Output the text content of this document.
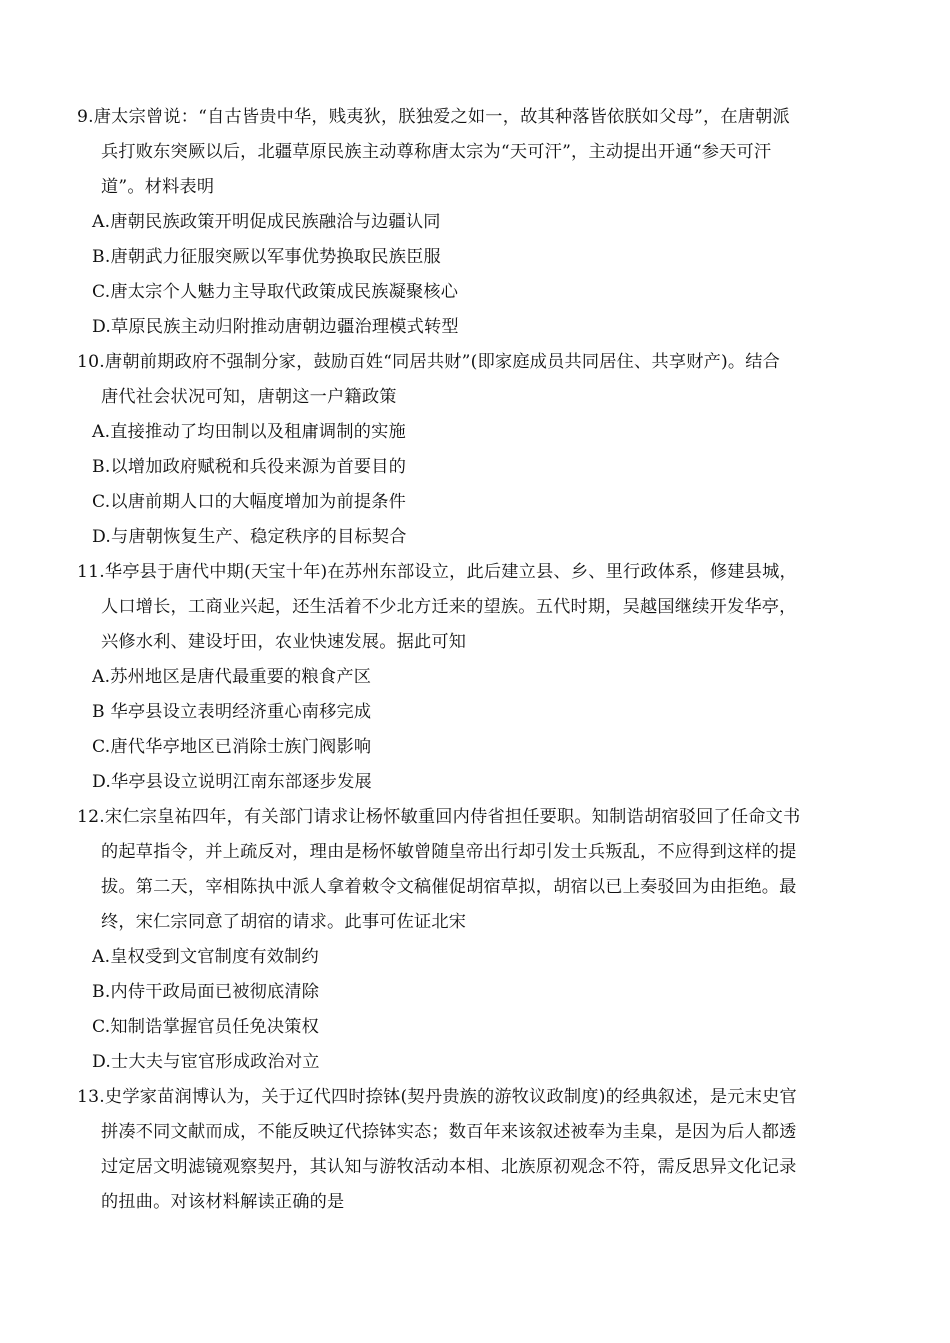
9.唐太宗曾说：“自古皆贵中华，贱夷狄，朕独爱之如一，故其种落皆依朕如父母”，在唐朝派
兵打败东突厥以后，北疆草原民族主动尊称唐太宗为“天可汗”，主动提出开通“参天可汗
道”。材料表明
A.唐朝民族政策开明促成民族融洽与边疆认同
B.唐朝武力征服突厥以军事优势换取民族臣服
C.唐太宗个人魅力主导取代政策成民族凝聚核心
D.草原民族主动归附推动唐朝边疆治理模式转型
10.唐朝前期政府不强制分家，鼓励百姓“同居共财”(即家庭成员共同居住、共享财产)。结合
唐代社会状况可知，唐朝这一户籍政策
A.直接推动了均田制以及租庸调制的实施
B.以增加政府赋税和兵役来源为首要目的
C.以唐前期人口的大幅度增加为前提条件
D.与唐朝恢复生产、稳定秩序的目标契合
11.华亭县于唐代中期(天宝十年)在苏州东部设立，此后建立县、乡、里行政体系，修建县城，
人口增长，工商业兴起，还生活着不少北方迁来的望族。五代时期，吴越国继续开发华亭，
兴修水利、建设圩田，农业快速发展。据此可知
A.苏州地区是唐代最重要的粮食产区
B 华亭县设立表明经济重心南移完成
C.唐代华亭地区已消除士族门阀影响
D.华亭县设立说明江南东部逐步发展
12.宋仁宗皇祐四年，有关部门请求让杨怀敏重回内侍省担任要职。知制诰胡宿驳回了任命文书
的起草指令，并上疏反对，理由是杨怀敏曾随皇帝出行却引发士兵叛乱，不应得到这样的提
拔。第二天，宰相陈执中派人拿着敕令文稿催促胡宿草拟，胡宿以已上奏驳回为由拒绝。最
终，宋仁宗同意了胡宿的请求。此事可佐证北宋
A.皇权受到文官制度有效制约
B.内侍干政局面已被彻底清除
C.知制诰掌握官员任免决策权
D.士大夫与宦官形成政治对立
13.史学家苗润博认为，关于辽代四时捺钵(契丹贵族的游牧议政制度)的经典叙述，是元末史官
拼凑不同文献而成，不能反映辽代捺钵实态；数百年来该叙述被奉为圭臬，是因为后人都透
过定居文明滤镜观察契丹，其认知与游牧活动本相、北族原初观念不符，需反思异文化记录
的扭曲。对该材料解读正确的是
